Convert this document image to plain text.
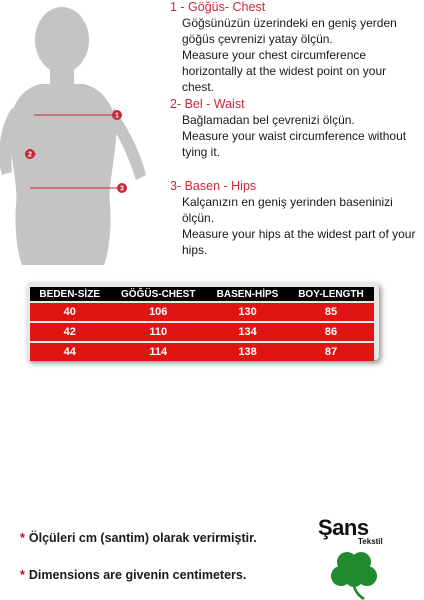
1
2
3
1 - Göğüs- Chest

Göğsünüzün üzerindeki en geniş yerden göğüs çevrenizi yatay ölçün.

Measure your chest circumference horizontally at the widest point on your chest.

2- Bel - Waist

Bağlamadan bel çevrenizi ölçün.

Measure your waist circumference without tying it.

3- Basen - Hips

Kalçanızın en geniş yerinden baseninizi ölçün.

Measure your hips at the widest part of your hips.

BEDEN-SİZE	GÖĞÜS-CHEST	BASEN-HİPS	BOY-LENGTH
40	106	130	85
42	110	134	86
44	114	138	87
* Ölçüleri cm (santim) olarak verirmiştir.
* Dimensions are givenin centimeters.
Şans
Tekstil
